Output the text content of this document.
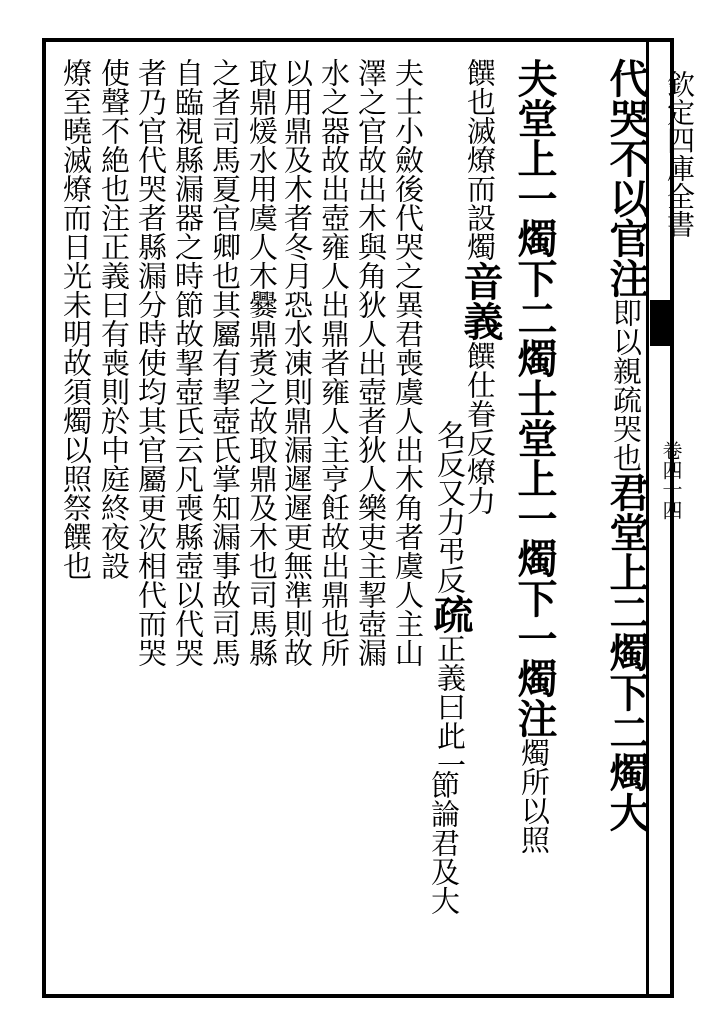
欽定四庫全書
卷四十四
代哭不以官注即以親疏哭也君堂上二燭下二燭大
夫堂上一燭下二燭士堂上一燭下一燭注燭所以照
饌也滅燎而設燭音義饌仕眷反燎力
名反又力弔反疏正義曰此一
節論君及大
夫士小斂後代哭之異君喪虞人出木角者虞人主山
澤之官故出木與角狄人出壺者狄人樂吏主挈壺漏
水之器故出壺雍人出鼎者雍人主亨飪故出鼎也所
以用鼎及木者冬月恐水凍則鼎漏遲遲更無準則故
取鼎煖水用虞人木爨鼎煑之故取鼎及木也司馬縣
之者司馬夏官卿也其屬有挈壺氏掌知漏事故司馬
自臨視縣漏器之時節故挈壺氏云凡喪縣壺以代哭
者乃官代哭者縣漏分時使均其官屬更次相代而哭
使聲不絶也注正義曰有喪則於中庭終夜設
燎至曉滅燎而日光未明故須燭以照祭饌也
